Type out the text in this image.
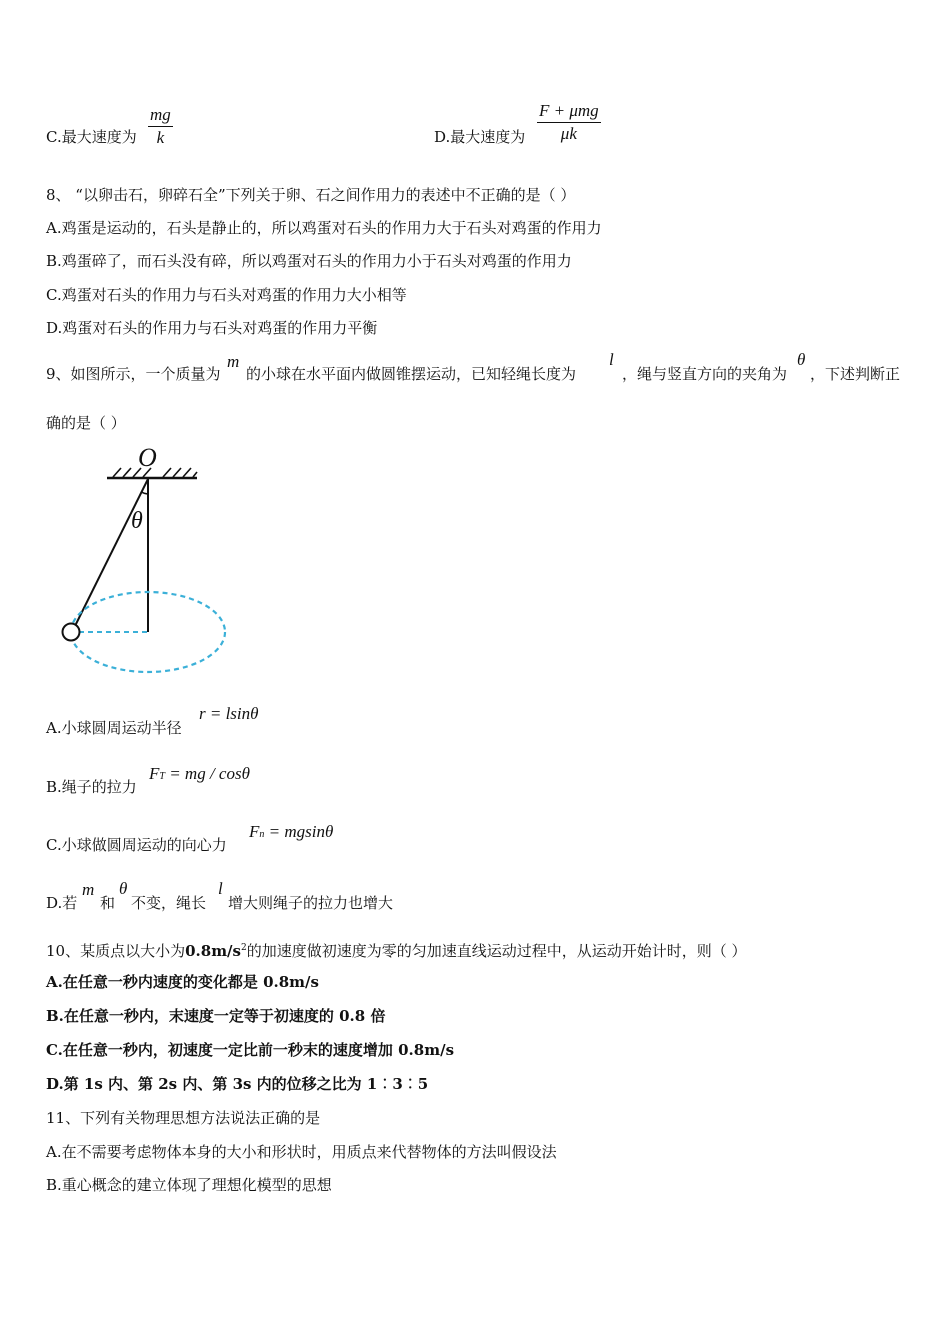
C.最大速度为 $\frac{mg}{k}$	D.最大速度为
F + μmg
μk
8、 “以卵击石，卵碎石全”下列关于卵、石之间作用力的表述中不正确的是（ ）
A.鸡蛋是运动的，石头是静止的，所以鸡蛋对石头的作用力大于石头对鸡蛋的作用力
B.鸡蛋碎了，而石头没有碎，所以鸡蛋对石头的作用力小于石头对鸡蛋的作用力
C.鸡蛋对石头的作用力与石头对鸡蛋的作用力大小相等
D.鸡蛋对石头的作用力与石头对鸡蛋的作用力平衡
9、如图所示，一个质量为
m
的小球在水平面内做圆锥摆运动，已知轻绳长度为
l
，绳与竖直方向的夹角为
θ
，下述判断正
确的是（ ）
O
θ
A.小球圆周运动半径
r = lsinθ
B.绳子的拉力
FT = mg / cosθ
C.小球做圆周运动的向心力
Fn = mgsinθ
D.若
m
和
θ
不变，绳长
l
增大则绳子的拉力也增大
10、某质点以大小为$0.8m/s^2$的加速度做初速度为零的匀加速直线运动过程中，从运动开始计时，则（ ）
A.在任意一秒内速度的变化都是 0.8m/s
B.在任意一秒内，末速度一定等于初速度的 0.8 倍
C.在任意一秒内，初速度一定比前一秒末的速度增加 0.8m/s
D.第 1s 内、第 2s 内、第 3s 内的位移之比为 1︰3︰5
11、下列有关物理思想方法说法正确的是
A.在不需要考虑物体本身的大小和形状时，用质点来代替物体的方法叫假设法
B.重心概念的建立体现了理想化模型的思想
